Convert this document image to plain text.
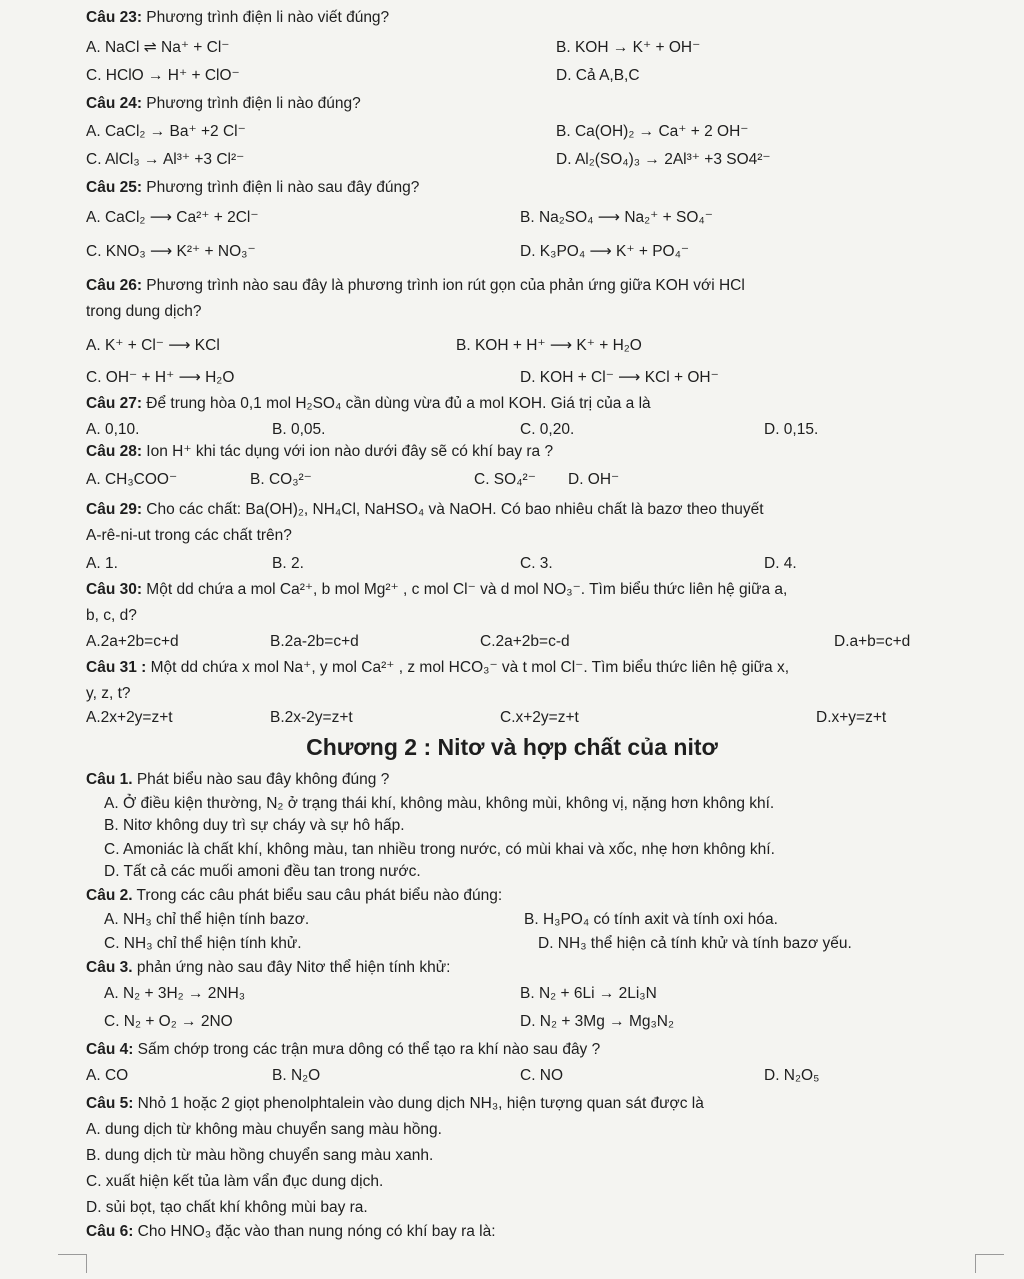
Câu 23: Phương trình điện li nào viết đúng?
A. NaCl ⇌ Na⁺ + Cl⁻	B. KOH → K⁺ + OH⁻
C. HClO → H⁺ + ClO⁻	D. Cả A,B,C
Câu 24: Phương trình điện li nào đúng?
A. CaCl₂ → Ba⁺ +2 Cl⁻	B. Ca(OH)₂ → Ca⁺ + 2 OH⁻
C. AlCl₃ → Al³⁺ +3 Cl²⁻	D. Al₂(SO₄)₃ → 2Al³⁺ +3 SO4²⁻
Câu 25: Phương trình điện li nào sau đây đúng?
A. CaCl₂ ⟶ Ca²⁺ + 2Cl⁻	B. Na₂SO₄ ⟶ Na₂⁺ + SO₄⁻
C. KNO₃ ⟶ K²⁺ + NO₃⁻	D. K₃PO₄ ⟶ K⁺ + PO₄⁻
Câu 26: Phương trình nào sau đây là phương trình ion rút gọn của phản ứng giữa KOH với HCl
trong dung dịch?
A. K⁺ + Cl⁻ ⟶ KCl	B. KOH + H⁺ ⟶ K⁺ + H₂O
C. OH⁻ + H⁺ ⟶ H₂O	D. KOH + Cl⁻ ⟶ KCl + OH⁻
Câu 27: Để trung hòa 0,1 mol H₂SO₄ cần dùng vừa đủ a mol KOH. Giá trị của a là
A. 0,10.	B. 0,05.	C. 0,20.	D. 0,15.
Câu 28: Ion H⁺ khi tác dụng với ion nào dưới đây sẽ có khí bay ra ?
A. CH₃COO⁻	B. CO₃²⁻	C. SO₄²⁻ D. OH⁻
Câu 29: Cho các chất: Ba(OH)₂, NH₄Cl, NaHSO₄ và NaOH. Có bao nhiêu chất là bazơ theo thuyết
A-rê-ni-ut trong các chất trên?
A. 1.	B. 2.	C. 3.	D. 4.
Câu 30: Một dd chứa a mol Ca²⁺, b mol Mg²⁺ , c mol Cl⁻ và d mol NO₃⁻. Tìm biểu thức liên hệ giữa a,
b, c, d?
A.2a+2b=c+d	B.2a-2b=c+d	C.2a+2b=c-d	D.a+b=c+d
Câu 31 : Một dd chứa x mol Na⁺, y mol Ca²⁺ , z mol HCO₃⁻ và t mol Cl⁻. Tìm biểu thức liên hệ giữa x,
y, z, t?
A.2x+2y=z+t	B.2x-2y=z+t	C.x+2y=z+t	D.x+y=z+t
Chương 2 : Nitơ và hợp chất của nitơ
Câu 1. Phát biểu nào sau đây không đúng ?
A. Ở điều kiện thường, N₂ ở trạng thái khí, không màu, không mùi, không vị, nặng hơn không khí.
B. Nitơ không duy trì sự cháy và sự hô hấp.
C. Amoniác là chất khí, không màu, tan nhiều trong nước, có mùi khai và xốc, nhẹ hơn không khí.
D. Tất cả các muối amoni đều tan trong nước.
Câu 2. Trong các câu phát biểu sau câu phát biểu nào đúng:
A. NH₃ chỉ thể hiện tính bazơ.	B. H₃PO₄ có tính axit và tính oxi hóa.
C. NH₃ chỉ thể hiện tính khử.	D. NH₃ thể hiện cả tính khử và tính bazơ yếu.
Câu 3. phản ứng nào sau đây Nitơ thể hiện tính khử:
A. N₂ + 3H₂ → 2NH₃	B. N₂ + 6Li → 2Li₃N
C. N₂ + O₂ → 2NO	D. N₂ + 3Mg → Mg₃N₂
Câu 4: Sấm chớp trong các trận mưa dông có thể tạo ra khí nào sau đây ?
A. CO	B. N₂O	C. NO	D. N₂O₅
Câu 5: Nhỏ 1 hoặc 2 giọt phenolphtalein vào dung dịch NH₃, hiện tượng quan sát được là
A. dung dịch từ không màu chuyển sang màu hồng.
B. dung dịch từ màu hồng chuyển sang màu xanh.
C. xuất hiện kết tủa làm vẩn đục dung dịch.
D. sủi bọt, tạo chất khí không mùi bay ra.
Câu 6: Cho HNO₃ đặc vào than nung nóng có khí bay ra là:
